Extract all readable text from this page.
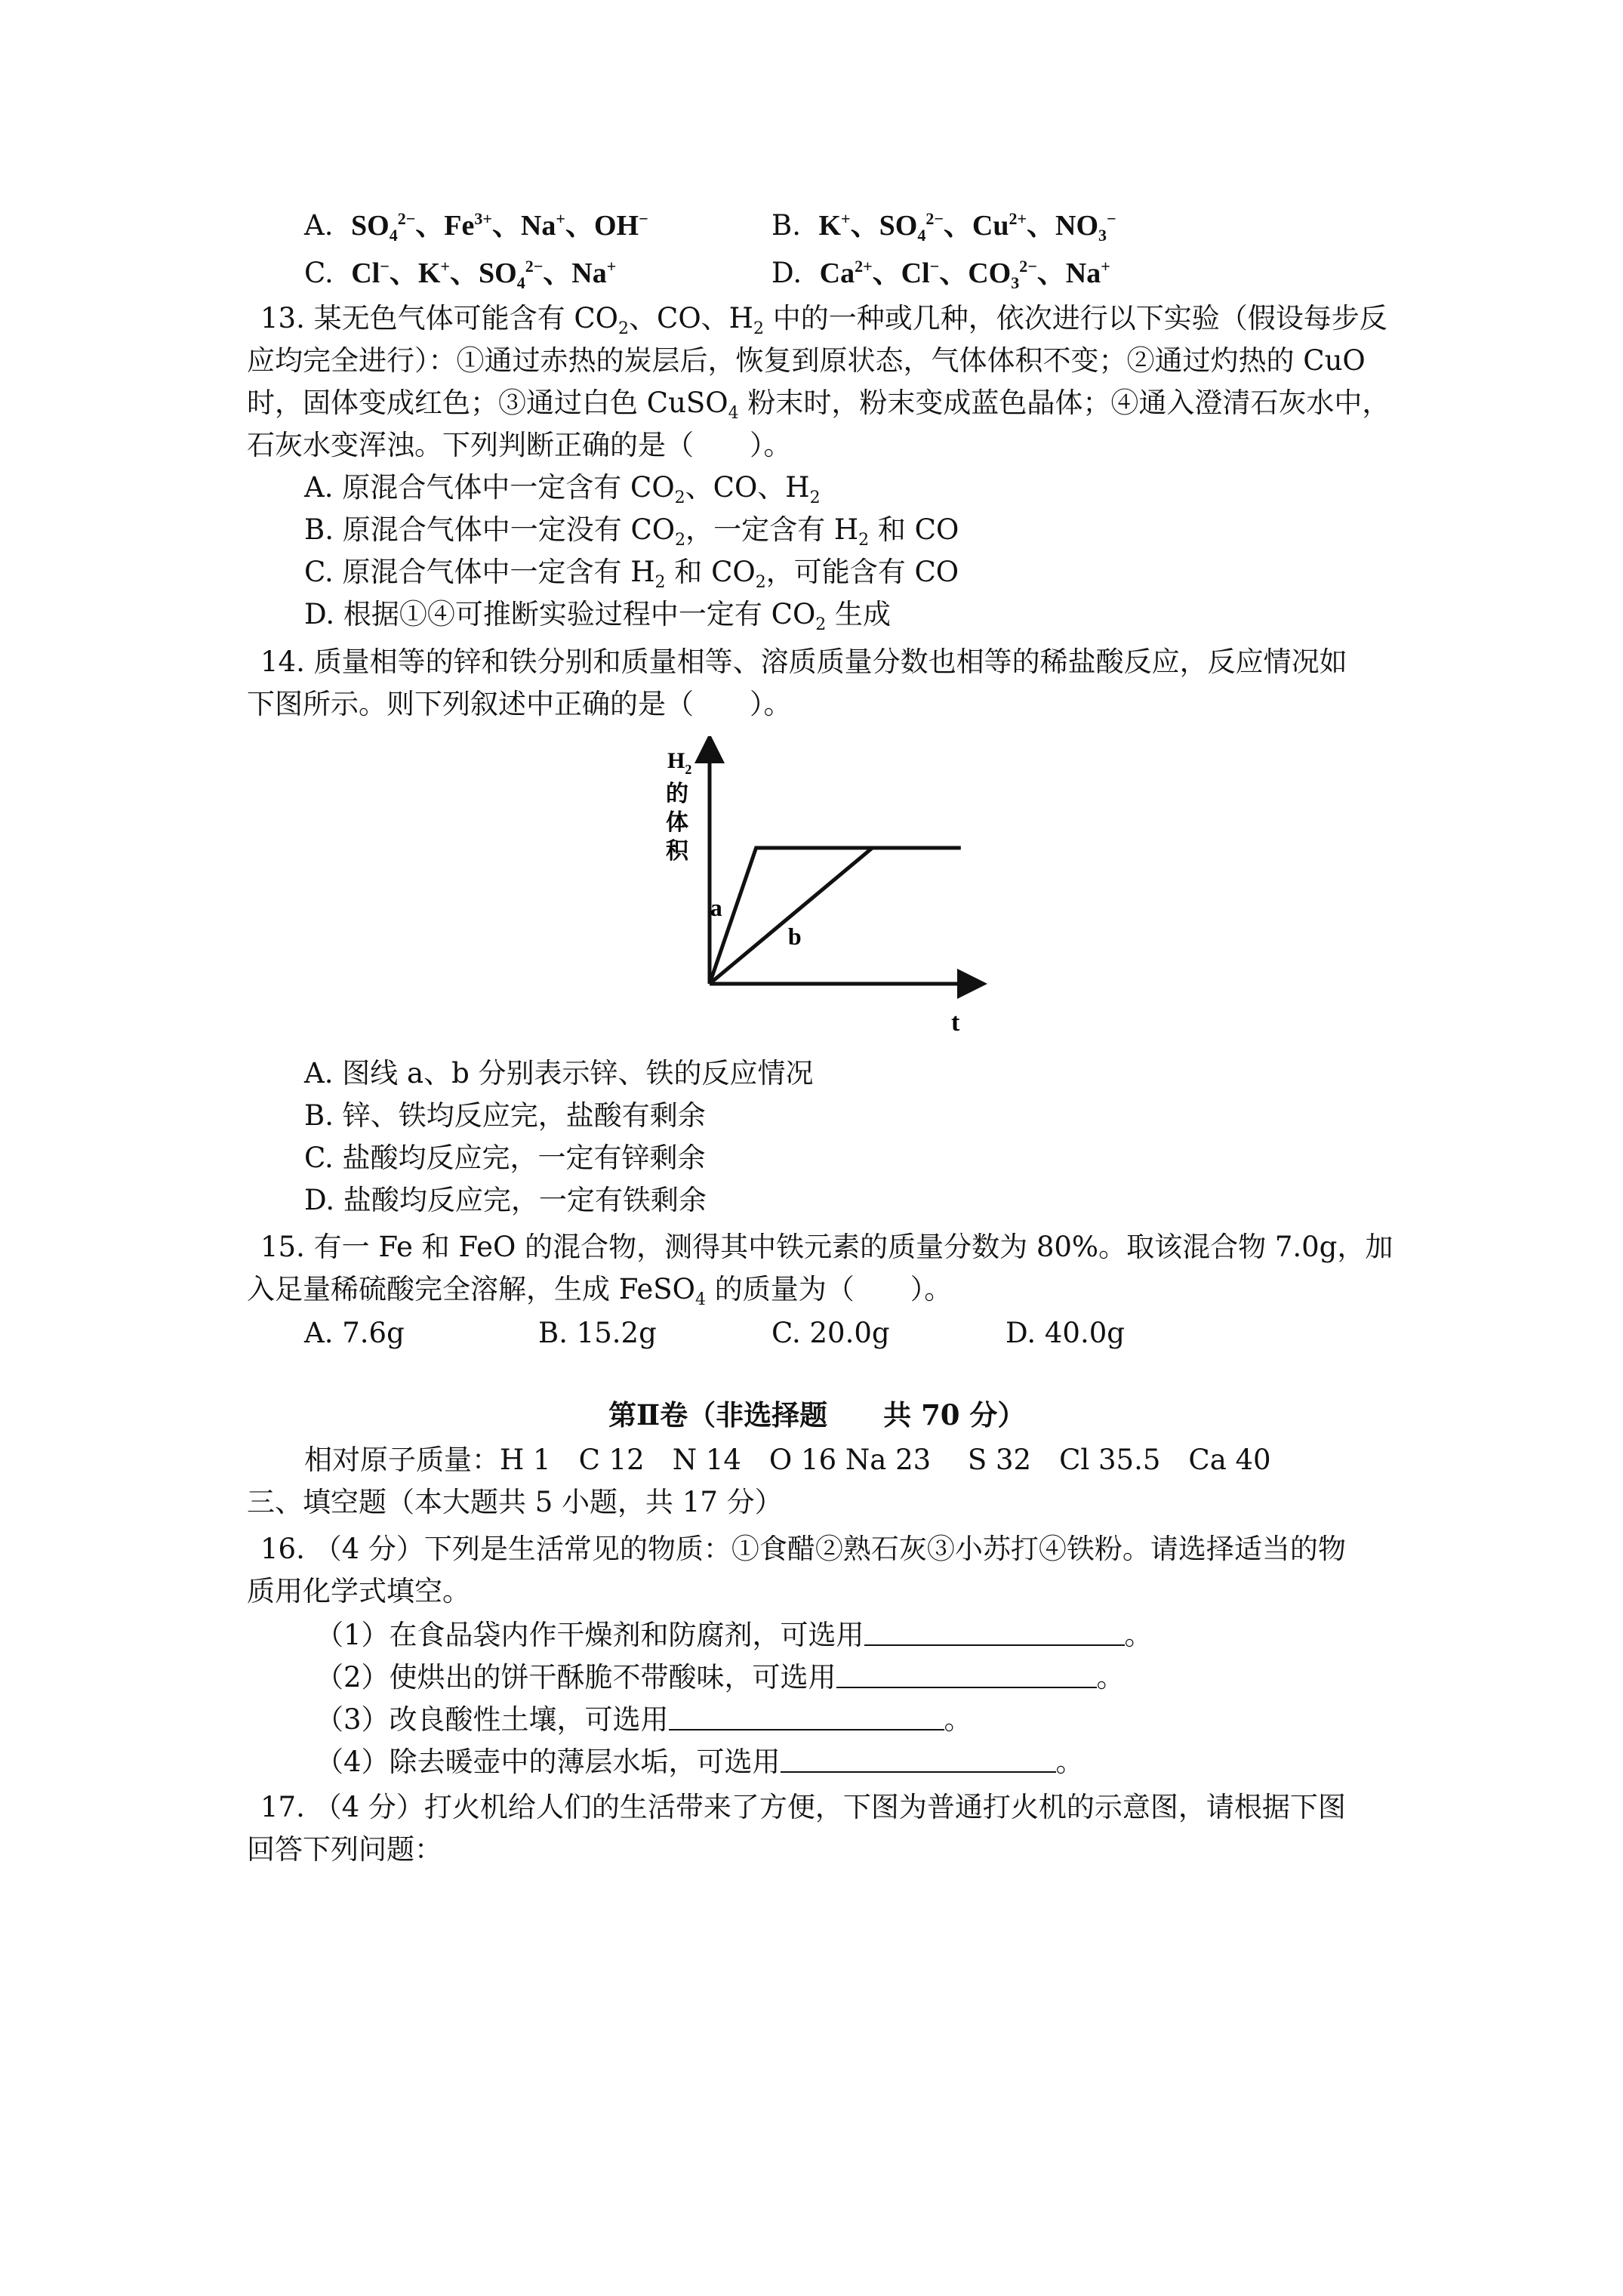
A. $SO_4^{2-}$、$Fe^{3+}$、Na+、OH−	B. K+、$SO_4^{2-}$、$Cu^{2+}$、$NO_3^-$
C. Cl−、K+、$SO_4^{2-}$、Na+	D. $Ca^{2+}$、Cl−、$CO_3^{2-}$、Na+
13. 某无色气体可能含有 $CO_2$、CO、$H_2$ 中的一种或几种，依次进行以下实验（假设每步反
应均完全进行）：①通过赤热的炭层后，恢复到原状态，气体体积不变；②通过灼热的 CuO
时，固体变成红色；③通过白色 CuSO$_4$ 粉末时，粉末变成蓝色晶体；④通入澄清石灰水中，
石灰水变浑浊。下列判断正确的是（　　）。
A. 原混合气体中一定含有 $CO_2$、CO、$H_2$
B. 原混合气体中一定没有 $CO_2$，一定含有 $H_2$ 和 CO
C. 原混合气体中一定含有 $H_2$ 和 $CO_2$，可能含有 CO
D. 根据①④可推断实验过程中一定有 $CO_2$ 生成
14. 质量相等的锌和铁分别和质量相等、溶质质量分数也相等的稀盐酸反应，反应情况如
下图所示。则下列叙述中正确的是（　　）。
$H_2$
的
体
积
t
a
b
A. 图线 a、b 分别表示锌、铁的反应情况
B. 锌、铁均反应完，盐酸有剩余
C. 盐酸均反应完，一定有锌剩余
D. 盐酸均反应完，一定有铁剩余
15. 有一 Fe 和 FeO 的混合物，测得其中铁元素的质量分数为 80%。取该混合物 7.0g，加
入足量稀硫酸完全溶解，生成 FeSO$_4$ 的质量为（　　）。
A. 7.6g	B. 15.2g	C. 20.0g	D. 40.0g
第Ⅱ卷（非选择题　　共 70 分）
相对原子质量：H 1　C 12　N 14　O 16 Na 23　 S 32　Cl 35.5　Ca 40
三、填空题（本大题共 5 小题，共 17 分）
16. （4 分）下列是生活常见的物质：①食醋②熟石灰③小苏打④铁粉。请选择适当的物
质用化学式填空。
（1）在食品袋内作干燥剂和防腐剂，可选用	。
（2）使烘出的饼干酥脆不带酸味，可选用	。
（3）改良酸性土壤，可选用	。
（4）除去暖壶中的薄层水垢，可选用	。
17. （4 分）打火机给人们的生活带来了方便，下图为普通打火机的示意图，请根据下图
回答下列问题：
